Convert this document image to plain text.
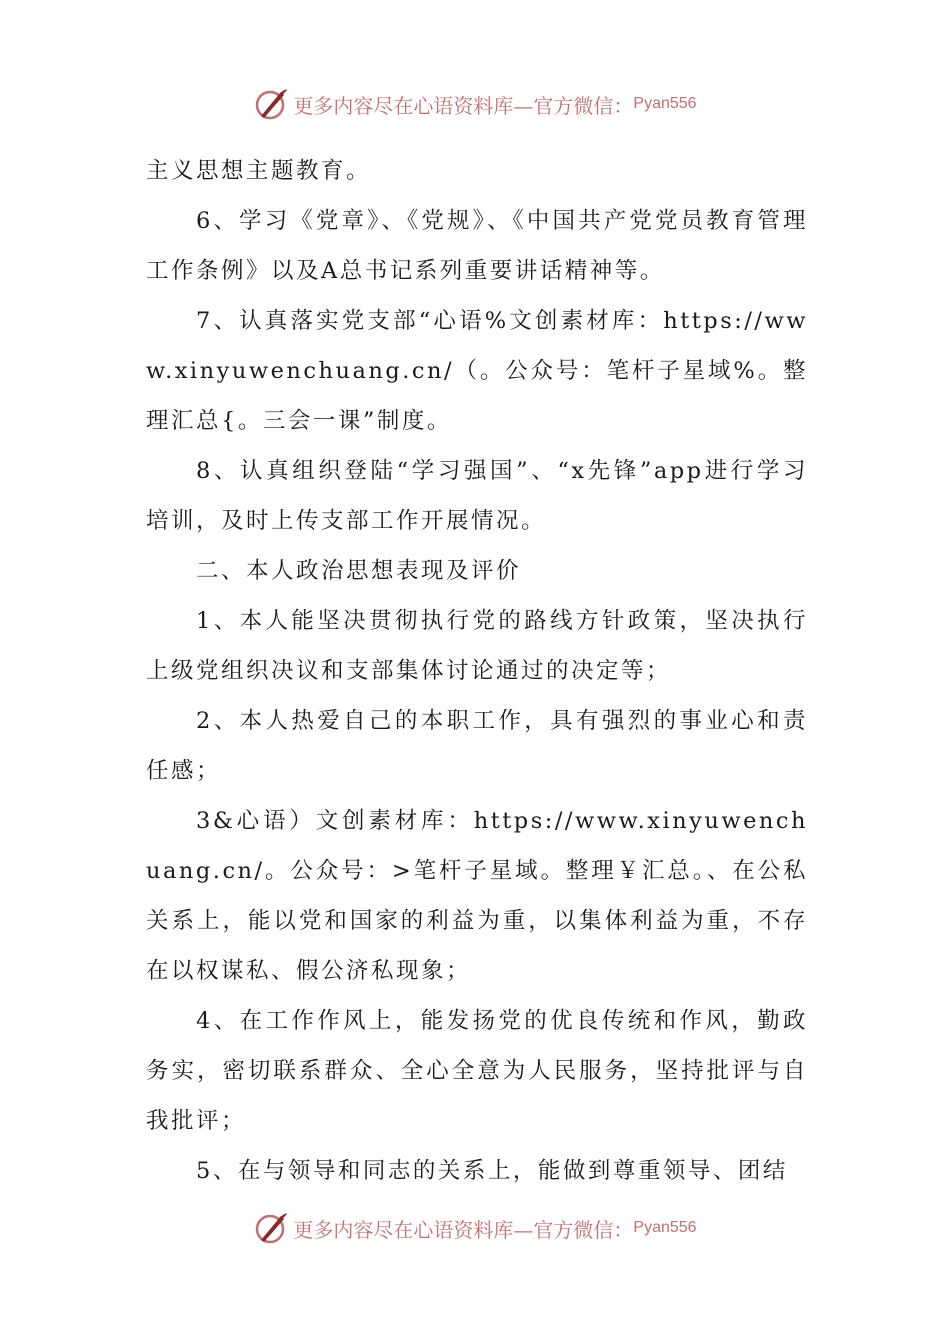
更多内容尽在心语资料库—官方微信： Pyan556

主义思想主题教育。

6、学习《党章》、《党规》、《中国共产党党员教育管理工作条例》以及A总书记系列重要讲话精神等。

7、认真落实党支部“心语%文创素材库：https://www.xinyuwenchuang.cn/（。公众号：笔杆子星域%。整理汇总{。三会一课”制度。

8、认真组织登陆“学习强国”、“x先锋”app进行学习培训，及时上传支部工作开展情况。

二、本人政治思想表现及评价

1、本人能坚决贯彻执行党的路线方针政策，坚决执行上级党组织决议和支部集体讨论通过的决定等；

2、本人热爱自己的本职工作，具有强烈的事业心和责任感；

3&心语）文创素材库：https://www.xinyuwenchuang.cn/。公众号：>笔杆子星域。整理￥汇总。、在公私关系上，能以党和国家的利益为重，以集体利益为重，不存在以权谋私、假公济私现象；

4、在工作作风上，能发扬党的优良传统和作风，勤政务实，密切联系群众、全心全意为人民服务，坚持批评与自我批评；

5、在与领导和同志的关系上，能做到尊重领导、团结

更多内容尽在心语资料库—官方微信： Pyan556
